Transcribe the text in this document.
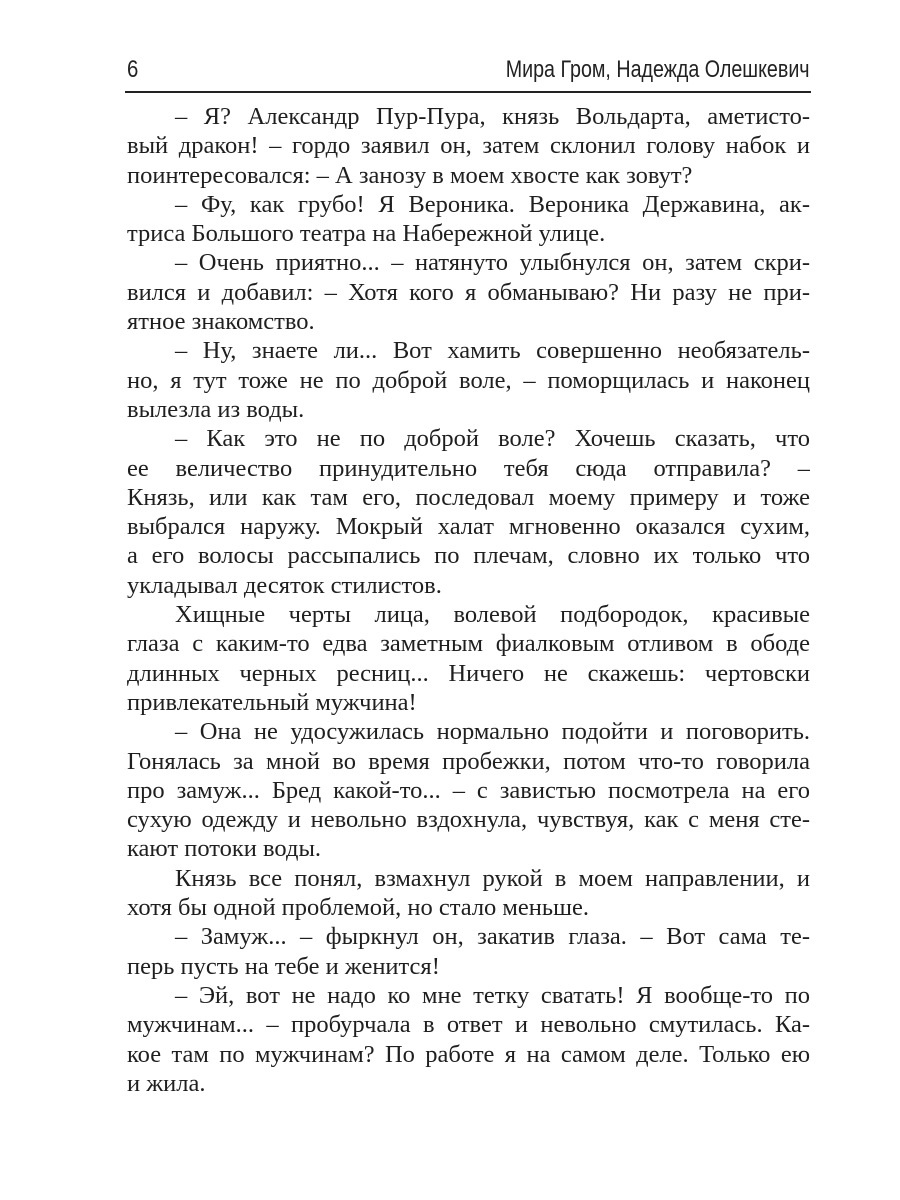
6	Мира Гром, Надежда Олешкевич
– Я? Александр Пур-Пура, князь Вольдарта, аметисто-
вый дракон! – гордо заявил он, затем склонил голову набок и
поинтересовался: – А занозу в моем хвосте как зовут?
– Фу, как грубо! Я Вероника. Вероника Державина, ак-
триса Большого театра на Набережной улице.
– Очень приятно... – натянуто улыбнулся он, затем скри-
вился и добавил: – Хотя кого я обманываю? Ни разу не при-
ятное знакомство.
– Ну, знаете ли... Вот хамить совершенно необязатель-
но, я тут тоже не по доброй воле, – поморщилась и наконец
вылезла из воды.
– Как это не по доброй воле? Хочешь сказать, что
ее величество принудительно тебя сюда отправила? –
Князь, или как там его, последовал моему примеру и тоже
выбрался наружу. Мокрый халат мгновенно оказался сухим,
а его волосы рассыпались по плечам, словно их только что
укладывал десяток стилистов.
Хищные черты лица, волевой подбородок, красивые
глаза с каким-то едва заметным фиалковым отливом в ободе
длинных черных ресниц... Ничего не скажешь: чертовски
привлекательный мужчина!
– Она не удосужилась нормально подойти и поговорить.
Гонялась за мной во время пробежки, потом что-то говорила
про замуж... Бред какой-то... – с завистью посмотрела на его
сухую одежду и невольно вздохнула, чувствуя, как с меня сте-
кают потоки воды.
Князь все понял, взмахнул рукой в моем направлении, и
хотя бы одной проблемой, но стало меньше.
– Замуж... – фыркнул он, закатив глаза. – Вот сама те-
перь пусть на тебе и женится!
– Эй, вот не надо ко мне тетку сватать! Я вообще-то по
мужчинам... – пробурчала в ответ и невольно смутилась. Ка-
кое там по мужчинам? По работе я на самом деле. Только ею
и жила.
